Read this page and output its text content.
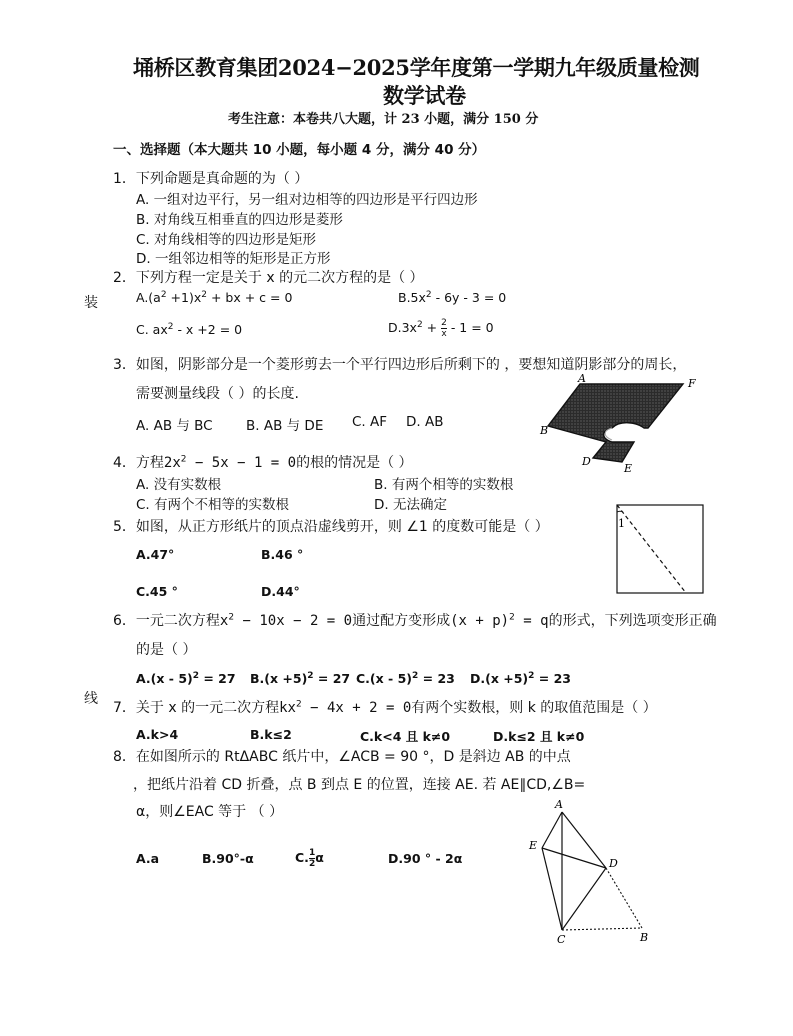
埇桥区教育集团2024−2025学年度第一学期九年级质量检测
数学试卷
考生注意：本卷共八大题，计 23 小题，满分 150 分
装
线
一、选择题（本大题共 10 小题，每小题 4 分，满分 40 分）
1．下列命题是真命题的为（ ）
A. 一组对边平行，另一组对边相等的四边形是平行四边形
B. 对角线互相垂直的四边形是菱形
C. 对角线相等的四边形是矩形
D. 一组邻边相等的矩形是正方形
2．下列方程一定是关于 x 的元二次方程的是（ ）
$A.(a^2 +1)x^2$ + bx + c = 0	$B.5x^2 - 6y - 3 = 0$
C. $ax^2 - x +2 = 0$	$D.3x^2 + \frac{2}{x} - 1 = 0$
3．如图，阴影部分是一个菱形剪去一个平行四边形后所剩下的 ，要想知道阴影部分的周长，
需要测量线段（ ）的长度.
A. AB 与 BC B. AB 与 DE C. AF D. AB
A	F
B
D
E
4．方程$2x^2 - 5x - 1 = 0$的根的情况是（ ）
A. 没有实数根	B. 有两个相等的实数根
C. 有两个不相等的实数根	D. 无法确定
5．如图，从正方形纸片的顶点沿虚线剪开，则 ∠1 的度数可能是（ ）
A.47°	B.46 °
C.45 °	D.44°
1
6．一元二次方程$x^2 - 10x - 2 = 0$通过配方变形成$(x + p)^2 = q$的形式，下列选项变形正确
的是（ ）
A.(x - 5)$^2$ = 27 $B.(x +5)^2 = 27$ C.(x - 5)$^2$ = 23 $D.(x +5)^2 = 23$
7．关于 x 的一元二次方程$kx^2 - 4x + 2 = 0$有两个实数根，则 k 的取值范围是（ ）
A.k>4	B.k≤2	C.k<4 且 k≠0	D.k≤2 且 k≠0
8．在如图所示的 RtΔABC 纸片中，∠ACB = 90 °，D 是斜边 AB 的中点
，把纸片沿着 CD 折叠，点 B 到点 E 的位置，连接 AE. 若 AE∥CD,∠B=
α，则∠EAC 等于 （ ）
A.a	B.90°-α	C. $\frac{1}{2}$ α	D.90 ° - 2α
A
E
D
C	B
